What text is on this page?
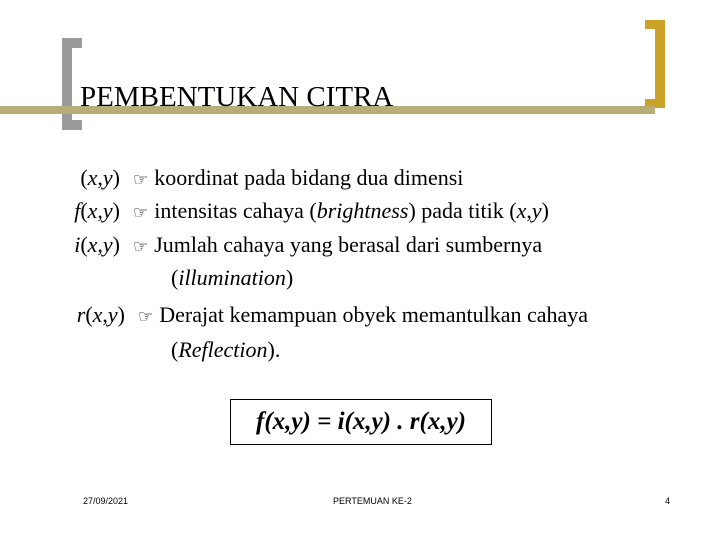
PEMBENTUKAN CITRA
(x,y) ☞ koordinat pada bidang dua dimensi
f(x,y) ☞ intensitas cahaya (brightness) pada titik (x,y)
i(x,y) ☞ Jumlah cahaya yang berasal dari sumbernya
(illumination)
r(x,y) ☞ Derajat kemampuan obyek memantulkan cahaya
(Reflection).
f(x,y) = i(x,y) . r(x,y)
27/09/2021	PERTEMUAN KE-2	4
